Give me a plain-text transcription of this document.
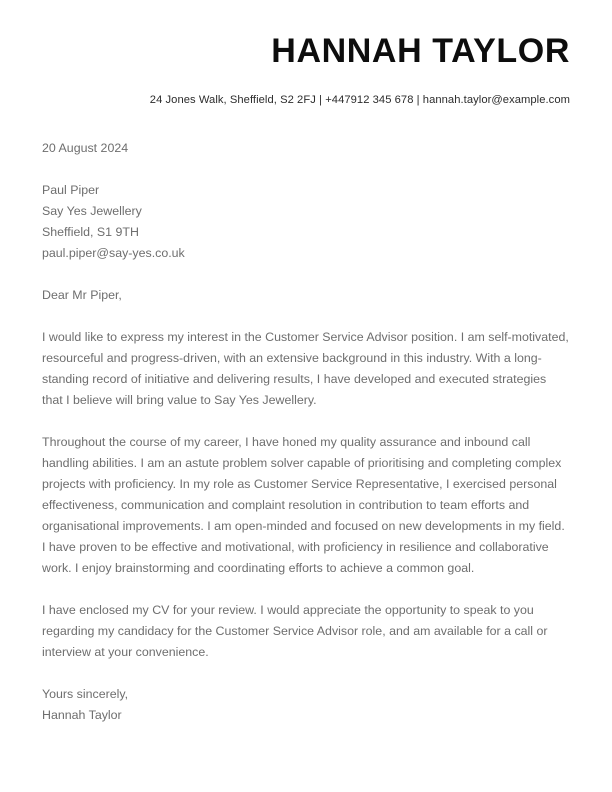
HANNAH TAYLOR

24 Jones Walk, Sheffield, S2 2FJ | +447912 345 678 | hannah.taylor@example.com

20 August 2024

Paul Piper
Say Yes Jewellery
Sheffield, S1 9TH
paul.piper@say-yes.co.uk

Dear Mr Piper,

I would like to express my interest in the Customer Service Advisor position. I am self-motivated, resourceful and progress-driven, with an extensive background in this industry. With a long-standing record of initiative and delivering results, I have developed and executed strategies that I believe will bring value to Say Yes Jewellery.

Throughout the course of my career, I have honed my quality assurance and inbound call handling abilities. I am an astute problem solver capable of prioritising and completing complex projects with proficiency. In my role as Customer Service Representative, I exercised personal effectiveness, communication and complaint resolution in contribution to team efforts and organisational improvements. I am open-minded and focused on new developments in my field. I have proven to be effective and motivational, with proficiency in resilience and collaborative work. I enjoy brainstorming and coordinating efforts to achieve a common goal.

I have enclosed my CV for your review. I would appreciate the opportunity to speak to you regarding my candidacy for the Customer Service Advisor role, and am available for a call or interview at your convenience.

Yours sincerely,
Hannah Taylor
